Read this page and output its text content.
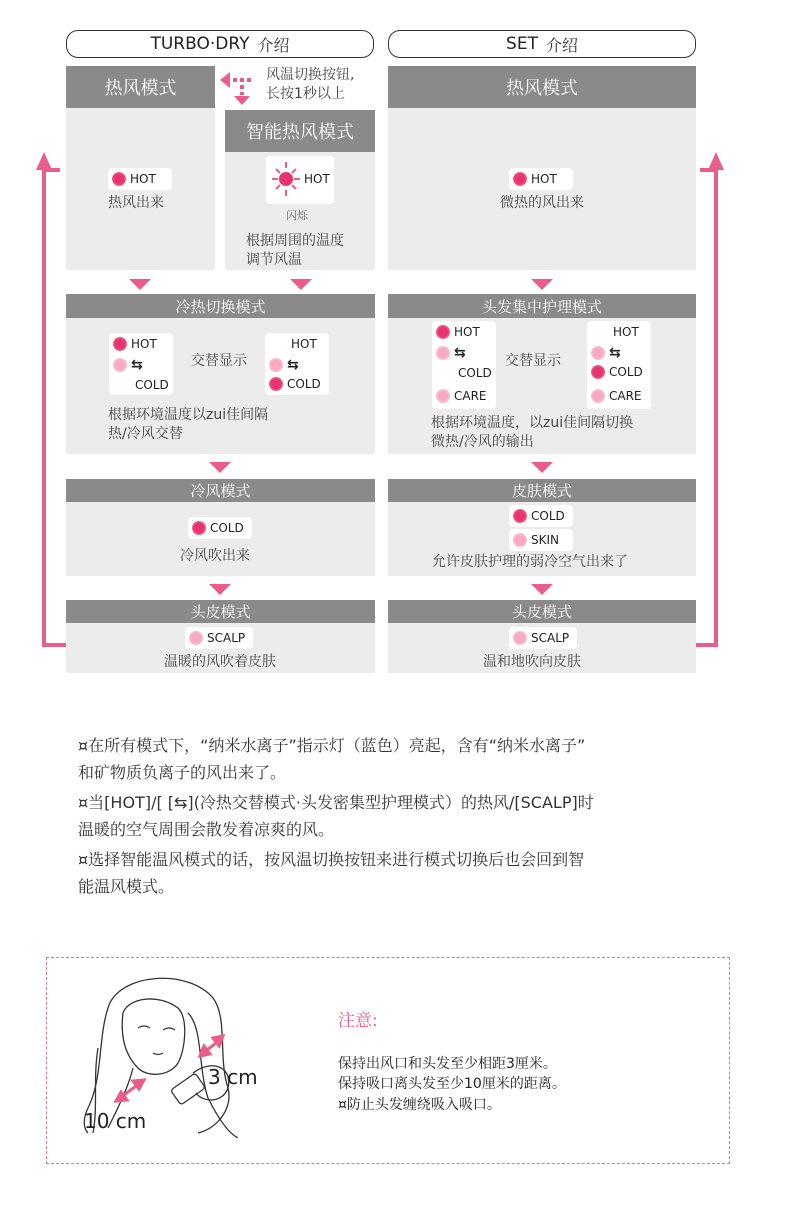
TURBO·DRY 介绍	SET 介绍
热风模式
HOT
热风出来
风温切换按钮,
长按1秒以上
智能热风模式
HOT
闪烁
根据周围的温度
调节风温
冷热切换模式
HOT
⇆
COLD
交替显示
HOT
⇆
COLD
根据环境温度以zui佳间隔
热/冷风交替
冷风模式
COLD
冷风吹出来
头皮模式
SCALP
温暖的风吹着皮肤
热风模式
HOT
微热的风出来
头发集中护理模式
HOT
⇆
COLD
CARE
交替显示
HOT
⇆
COLD
CARE
根据环境温度，以zui佳间隔切换
微热/冷风的输出
皮肤模式
COLD
SKIN
允许皮肤护理的弱冷空气出来了
头皮模式
SCALP
温和地吹向皮肤
¤在所有模式下，“纳米水离子”指示灯（蓝色）亮起，含有“纳米水离子”
和矿物质负离子的风出来了。
¤当[HOT]/[ [⇆](冷热交替模式·头发密集型护理模式）的热风/[SCALP]时
温暖的空气周围会散发着凉爽的风。
¤选择智能温风模式的话，按风温切换按钮来进行模式切换后也会回到智
能温风模式。
3 cm
10 cm
注意:
保持出风口和头发至少相距3厘米。
保持吸口离头发至少10厘米的距离。
¤防止头发缠绕吸入吸口。
